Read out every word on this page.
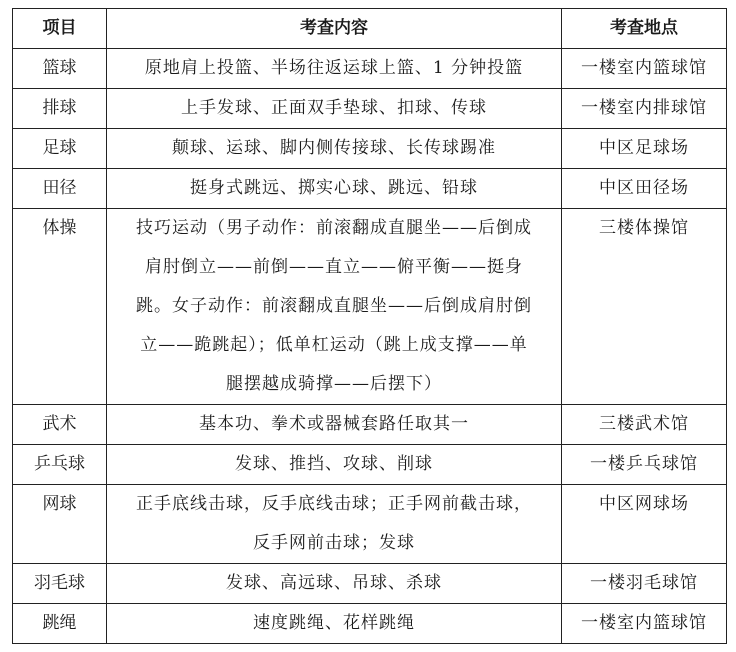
项目	考查内容	考查地点
篮球	原地肩上投篮、半场往返运球上篮、1 分钟投篮	一楼室内篮球馆
排球	上手发球、正面双手垫球、扣球、传球	一楼室内排球馆
足球	颠球、运球、脚内侧传接球、长传球踢准	中区足球场
田径	挺身式跳远、掷实心球、跳远、铅球	中区田径场
体操	技巧运动（男子动作：前滚翻成直腿坐——后倒成
肩肘倒立——前倒——直立——俯平衡——挺身
跳。女子动作：前滚翻成直腿坐——后倒成肩肘倒
立——跪跳起）；低单杠运动（跳上成支撑——单
腿摆越成骑撑——后摆下）	三楼体操馆
武术	基本功、拳术或器械套路任取其一	三楼武术馆
乒乓球	发球、推挡、攻球、削球	一楼乒乓球馆
网球	正手底线击球，反手底线击球；正手网前截击球，
反手网前击球；发球	中区网球场
羽毛球	发球、高远球、吊球、杀球	一楼羽毛球馆
跳绳	速度跳绳、花样跳绳	一楼室内篮球馆
